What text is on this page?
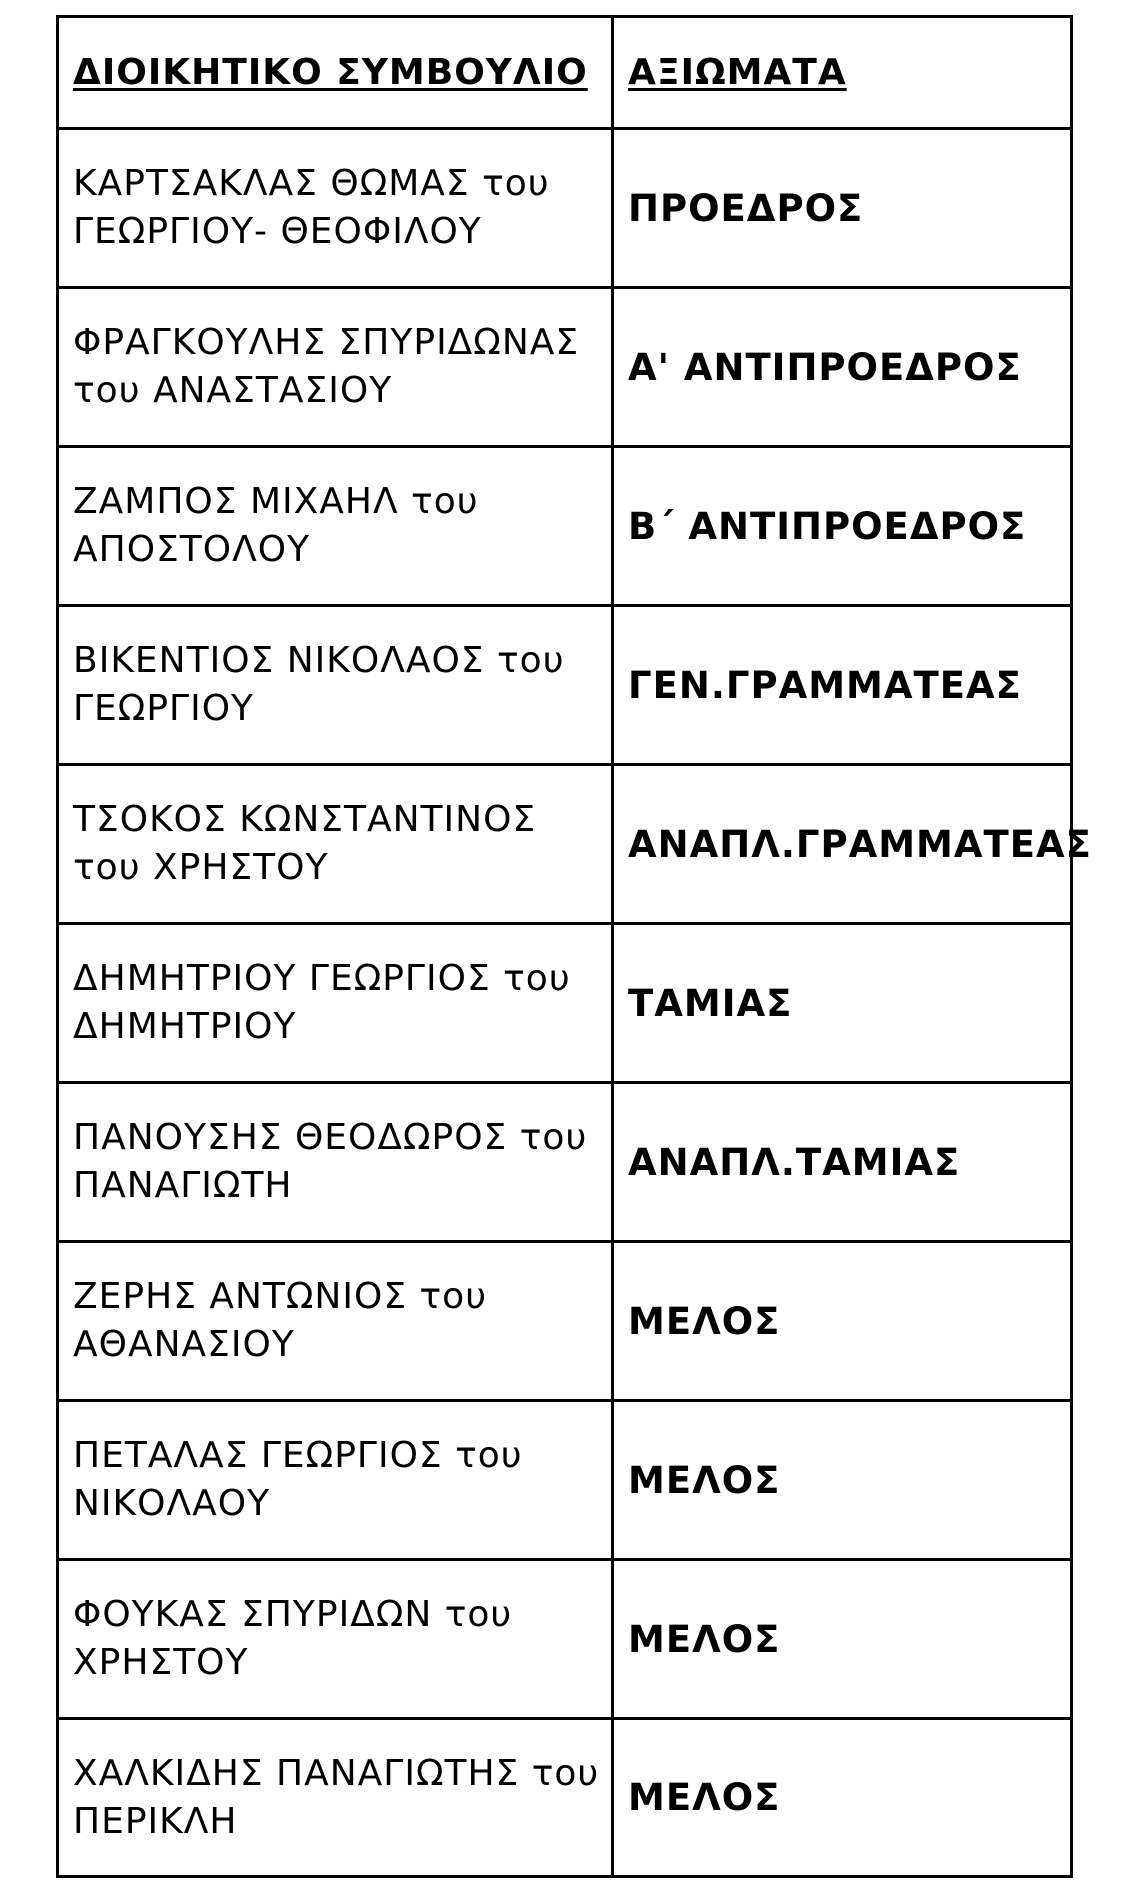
ΔΙΟΙΚΗΤΙΚΟ ΣΥΜΒΟΥΛΙΟ	ΑΞΙΩΜΑΤΑ

ΚΑΡΤΣΑΚΛΑΣ ΘΩΜΑΣ του
ΓΕΩΡΓΙΟΥ- ΘΕΟΦΙΛΟΥ	ΠΡΟΕΔΡΟΣ

ΦΡΑΓΚΟΥΛΗΣ ΣΠΥΡΙΔΩΝΑΣ
του ΑΝΑΣΤΑΣΙΟΥ	Α' ΑΝΤΙΠΡΟΕΔΡΟΣ

ΖΑΜΠΟΣ ΜΙΧΑΗΛ του
ΑΠΟΣΤΟΛΟΥ	Β΄ ΑΝΤΙΠΡΟΕΔΡΟΣ

ΒΙΚΕΝΤΙΟΣ ΝΙΚΟΛΑΟΣ του
ΓΕΩΡΓΙΟΥ	ΓΕΝ.ΓΡΑΜΜΑΤΕΑΣ

ΤΣΟΚΟΣ ΚΩΝΣΤΑΝΤΙΝΟΣ
του ΧΡΗΣΤΟΥ	ΑΝΑΠΛ.ΓΡΑΜΜΑΤΕΑΣ

ΔΗΜΗΤΡΙΟΥ ΓΕΩΡΓΙΟΣ του
ΔΗΜΗΤΡΙΟΥ	ΤΑΜΙΑΣ

ΠΑΝΟΥΣΗΣ ΘΕΟΔΩΡΟΣ του
ΠΑΝΑΓΙΩΤΗ	ΑΝΑΠΛ.ΤΑΜΙΑΣ

ΖΕΡΗΣ ΑΝΤΩΝΙΟΣ του
ΑΘΑΝΑΣΙΟΥ	ΜΕΛΟΣ

ΠΕΤΑΛΑΣ ΓΕΩΡΓΙΟΣ του
ΝΙΚΟΛΑΟΥ	ΜΕΛΟΣ

ΦΟΥΚΑΣ ΣΠΥΡΙΔΩΝ του
ΧΡΗΣΤΟΥ	ΜΕΛΟΣ

ΧΑΛΚΙΔΗΣ ΠΑΝΑΓΙΩΤΗΣ του
ΠΕΡΙΚΛΗ	ΜΕΛΟΣ
